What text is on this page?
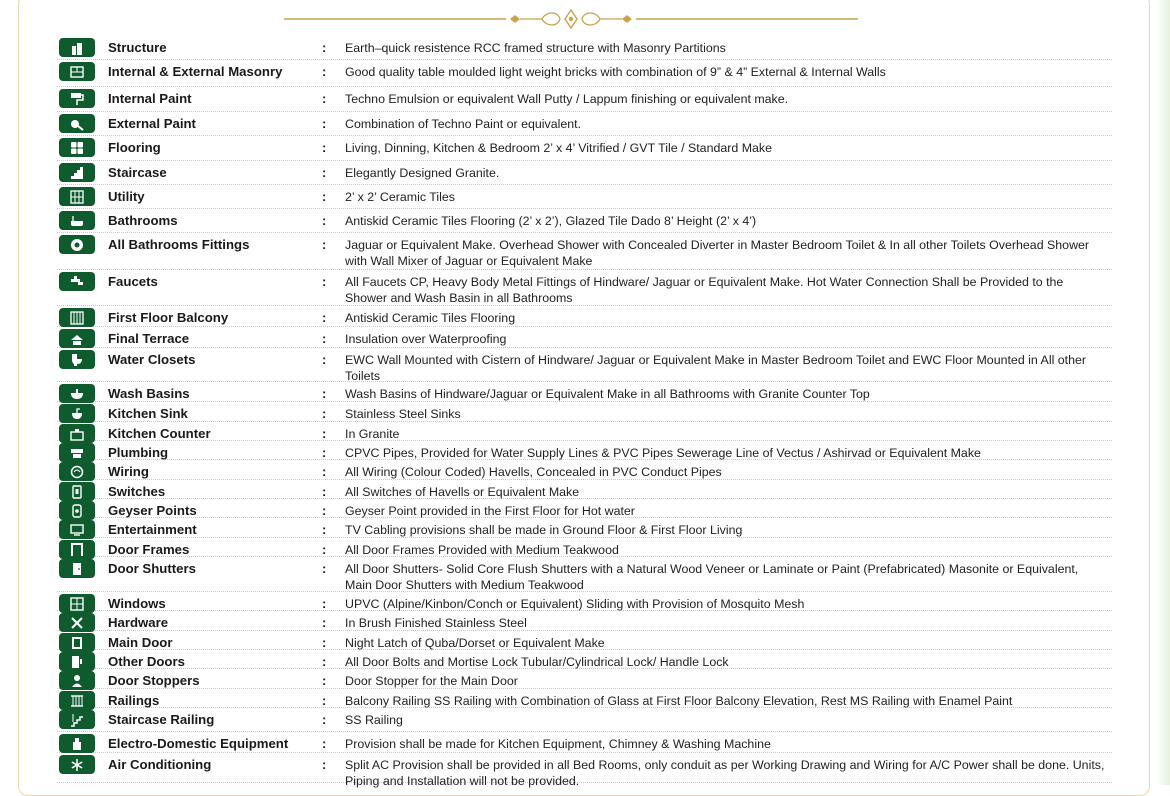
Structure	: Earth–quick resistence RCC framed structure with Masonry Partitions
Internal & External Masonry	: Good quality table moulded light weight bricks with combination of 9” & 4” External & Internal Walls
Internal Paint	: Techno Emulsion or equivalent Wall Putty / Lappum finishing or equivalent make.
External Paint	: Combination of Techno Paint or equivalent.
Flooring	: Living, Dinning, Kitchen & Bedroom 2’ x 4’ Vitrified / GVT Tile / Standard Make
Staircase	: Elegantly Designed Granite.
Utility	: 2’ x 2’ Ceramic Tiles
Bathrooms	: Antiskid Ceramic Tiles Flooring (2’ x 2’), Glazed Tile Dado 8’ Height (2’ x 4’)
All Bathrooms Fittings	: Jaguar or Equivalent Make. Overhead Shower with Concealed Diverter in Master Bedroom Toilet & In all other Toilets Overhead Shower with Wall Mixer of Jaguar or Equivalent Make
Faucets	: All Faucets CP, Heavy Body Metal Fittings of Hindware/ Jaguar or Equivalent Make. Hot Water Connection Shall be Provided to the Shower and Wash Basin in all Bathrooms
First Floor Balcony	: Antiskid Ceramic Tiles Flooring
Final Terrace	: Insulation over Waterproofing
Water Closets	: EWC Wall Mounted with Cistern of Hindware/ Jaguar or Equivalent Make in Master Bedroom Toilet and EWC Floor Mounted in All other Toilets
Wash Basins	: Wash Basins of Hindware/Jaguar or Equivalent Make in all Bathrooms with Granite Counter Top
Kitchen Sink	: Stainless Steel Sinks
Kitchen Counter	: In Granite
Plumbing	: CPVC Pipes, Provided for Water Supply Lines & PVC Pipes Sewerage Line of Vectus / Ashirvad or Equivalent Make
Wiring	: All Wiring (Colour Coded) Havells, Concealed in PVC Conduct Pipes
Switches	: All Switches of Havells or Equivalent Make
Geyser Points	: Geyser Point provided in the First Floor for Hot water
Entertainment	: TV Cabling provisions shall be made in Ground Floor & First Floor Living
Door Frames	: All Door Frames Provided with Medium Teakwood
Door Shutters	: All Door Shutters- Solid Core Flush Shutters with a Natural Wood Veneer or Laminate or Paint (Prefabricated) Masonite or Equivalent, Main Door Shutters with Medium Teakwood
Windows	: UPVC (Alpine/Kinbon/Conch or Equivalent) Sliding with Provision of Mosquito Mesh
Hardware	: In Brush Finished Stainless Steel
Main Door	: Night Latch of Quba/Dorset or Equivalent Make
Other Doors	: All Door Bolts and Mortise Lock Tubular/Cylindrical Lock/ Handle Lock
Door Stoppers	: Door Stopper for the Main Door
Railings	: Balcony Railing SS Railing with Combination of Glass at First Floor Balcony Elevation, Rest MS Railing with Enamel Paint
Staircase Railing	: SS Railing
Electro-Domestic Equipment	: Provision shall be made for Kitchen Equipment, Chimney & Washing Machine
Air Conditioning	: Split AC Provision shall be provided in all Bed Rooms, only conduit as per Working Drawing and Wiring for A/C Power shall be done. Units, Piping and Installation will not be provided.
